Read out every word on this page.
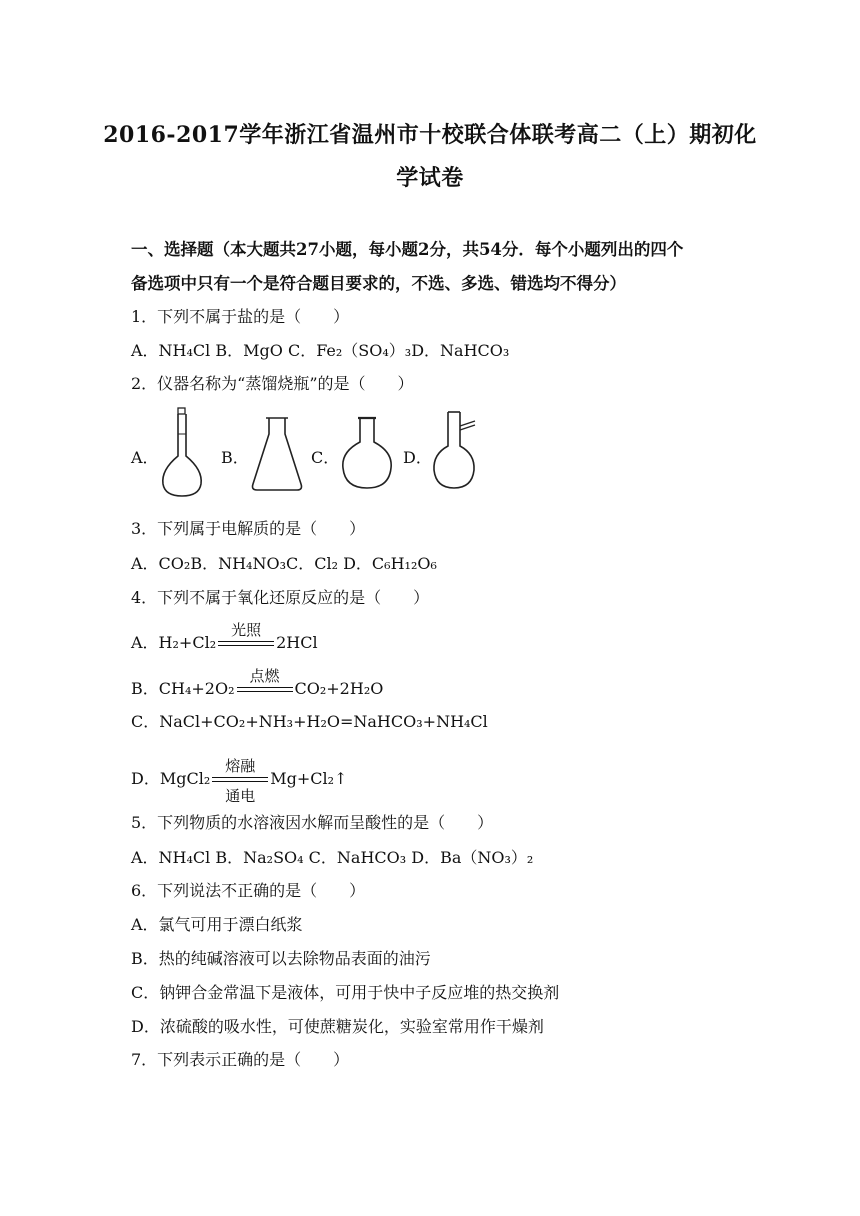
2016-2017学年浙江省温州市十校联合体联考高二（上）期初化
学试卷
一、选择题（本大题共27小题，每小题2分，共54分．每个小题列出的四个
备选项中只有一个是符合题目要求的，不选、多选、错选均不得分）
1．下列不属于盐的是（　　）
A．NH₄Cl B．MgO C．Fe₂（SO₄）₃D．NaHCO₃
2．仪器名称为“蒸馏烧瓶”的是（　　）
A．	B．	C．	D．
3．下列属于电解质的是（　　）
A．CO₂B．NH₄NO₃C．Cl₂ D．C₆H₁₂O₆
4．下列不属于氧化还原反应的是（　　）
A．H₂+Cl₂
光照
2HCl
B．CH₄+2O₂
点燃
CO₂+2H₂O
C．NaCl+CO₂+NH₃+H₂O=NaHCO₃+NH₄Cl
D．MgCl₂
熔融
通电
Mg+Cl₂↑
5．下列物质的水溶液因水解而呈酸性的是（　　）
A．NH₄Cl B．Na₂SO₄ C．NaHCO₃ D．Ba（NO₃）₂
6．下列说法不正确的是（　　）
A．氯气可用于漂白纸浆
B．热的纯碱溶液可以去除物品表面的油污
C．钠钾合金常温下是液体，可用于快中子反应堆的热交换剂
D．浓硫酸的吸水性，可使蔗糖炭化，实验室常用作干燥剂
7．下列表示正确的是（　　）
